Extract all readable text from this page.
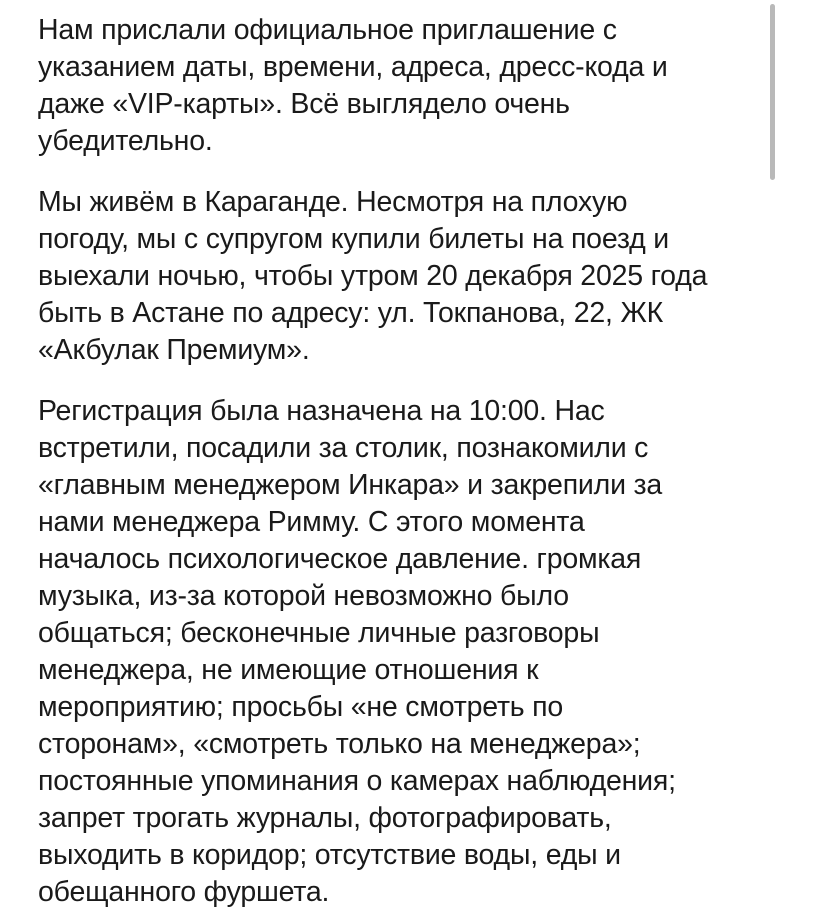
Нам прислали официальное приглашение с
указанием даты, времени, адреса, дресс-кода и
даже «VIP-карты». Всё выглядело очень
убедительно.

Мы живём в Караганде. Несмотря на плохую
погоду, мы с супругом купили билеты на поезд и
выехали ночью, чтобы утром 20 декабря 2025 года
быть в Астане по адресу: ул. Токпанова, 22, ЖК
«Акбулак Премиум».

Регистрация была назначена на 10:00. Нас
встретили, посадили за столик, познакомили с
«главным менеджером Инкара» и закрепили за
нами менеджера Римму. С этого момента
началось психологическое давление. громкая
музыка, из-за которой невозможно было
общаться; бесконечные личные разговоры
менеджера, не имеющие отношения к
мероприятию; просьбы «не смотреть по
сторонам», «смотреть только на менеджера»;
постоянные упоминания о камерах наблюдения;
запрет трогать журналы, фотографировать,
выходить в коридор; отсутствие воды, еды и
обещанного фуршета.
